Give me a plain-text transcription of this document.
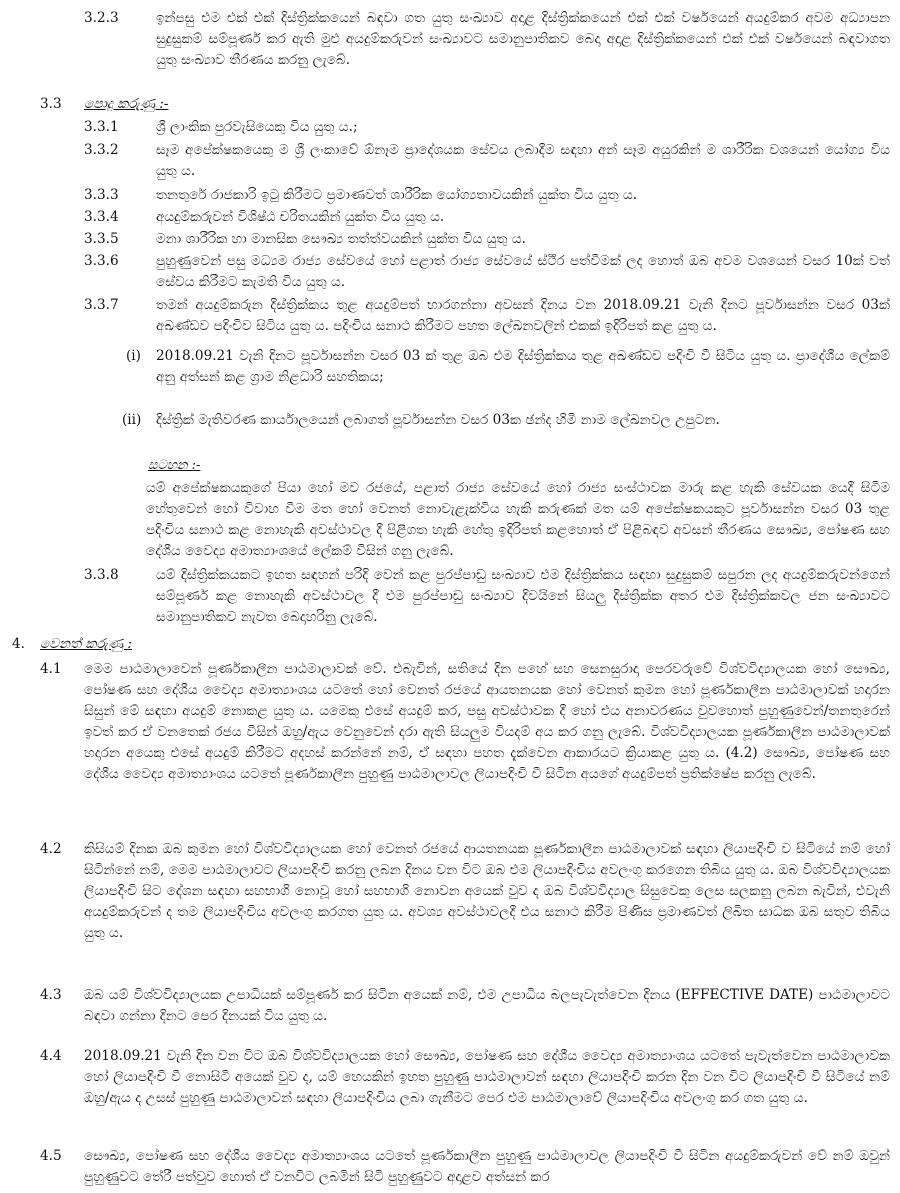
3.2.3	ඉන්පසු එම එක් එක් දිස්ත්‍රික්කයෙන් බඳවා ගත යුතු සංඛ්‍යාව අදාළ දිස්ත්‍රික්කයෙන් එක් එක් වර්ෂයෙන් අයදුම්කර අවම අධ්‍යාපන සුදුසුකම් සම්පූර්ණ කර ඇති මුළු අයදුම්කරුවන් සංඛ්‍යාවට සමානුපාතිකව බෙදා අදාළ දිස්ත්‍රික්කයෙන් එක් එක් වර්ෂයෙන් බඳවාගත යුතු සංඛ්‍යාව තීරණය කරනු ලැබේ.
3.3	පොදු කරුණු :-
3.3.1	ශ්‍රී ලාංකික පුරවැසියෙකු විය යුතු ය.;
3.3.2	සෑම අපේක්ෂකයෙකු ම ශ්‍රී ලංකාවේ ඕනෑම ප්‍රාදේශයක සේවය ලබාදීම සඳහා අන් සෑම අයුරකින් ම ශාරීරික වශයෙන් යෝග්‍ය විය යුතු ය.
3.3.3	තනතුරේ රාජකාරි ඉටු කිරීමට ප්‍රමාණවත් ශාරීරික යෝග්‍යතාවයකින් යුක්ත විය යුතු ය.
3.3.4	අයදුම්කරුවන් විශිෂ්ඨ චරිතයකින් යුක්ත විය යුතු ය.
3.3.5	මනා ශාරීරික හා මානසික සෞඛ්‍ය තත්ත්වයකින් යුක්ත විය යුතු ය.
3.3.6	පුහුණුවෙන් පසු මධ්‍යම රාජ්‍ය සේවයේ හෝ පළාත් රාජ්‍ය සේවයේ ස්ථිර පත්වීමක් ලද හොත් ඔබ අවම වශයෙන් වසර 10ක් වත් සේවය කිරීමට කැමති විය යුතු ය.
3.3.7	තමන් අයදුම්කරුන දිස්ත්‍රික්කය තුළ අයදුම්පත් භාරගන්නා අවසන් දිනය වන 2018.09.21 වැනි දිනට පූර්වාසන්න වසර 03ක් අඛණ්ඩව පදිංචිව සිටිය යුතු ය. පදිංචිය සනාථ කිරීමට පහත ලේඛනවලින් එකක් ඉදිරිපත් කළ යුතු ය.
(i)	2018.09.21 වැනි දිනට පූර්වාසන්න වසර 03 ක් තුළ ඔබ එම දිස්ත්‍රික්කය තුළ අඛණ්ඩව පදිංචි වී සිටිය යුතු ය. ප්‍රාදේශීය ලේකම් අනු අත්සන් කළ ග්‍රාම නිළධාරි සහතිකය;
(ii)	දිස්ත්‍රික් මැතිවරණ කාර්යාලයෙන් ලබාගත් පූර්වාසන්න වසර 03ක ඡන්ද හිමි නාම ලේඛනවල උපුටන.
සටහන :-
යම් අපේක්ෂකයකුගේ පියා හෝ මව රජයේ, පළාත් රාජ්‍ය සේවයේ හෝ රාජ්‍ය සංස්ථාවක මාරු කළ හැකි සේවයක යෙදී සිටීම හේතුවෙන් හෝ විවාහ වීම මත හෝ වෙනත් නොවැළැක්විය හැකි කරුණක් මත යම් අපේක්ෂකයකුට පූර්වාසන්න වසර 03 තුළ පදිංචිය සනාථ කළ නොහැකි අවස්ථාවල දී පිළිගත හැකි හේතු ඉදිරිපත් කළහොත් ඒ පිළිබඳව අවසන් තීරණය සෞඛ්‍ය, පෝෂණ සහ දේශීය වෛද්‍ය අමාත්‍යාංශයේ ලේකම් විසින් ගනු ලැබේ.
3.3.8	යම් දිස්ත්‍රික්කයකට ඉහත සඳහන් පරිදි වෙන් කළ පුරප්පාඩු සංඛ්‍යාව එම දිස්ත්‍රික්කය සඳහා සුදුසුකම් සපුරන ලද අයදුම්කරුවන්ගෙන් සම්පූර්ණ කළ නොහැකි අවස්ථාවල දී එම පුරප්පාඩු සංඛ්‍යාව දිවයිනේ සියලු දිස්ත්‍රික්ක අතර එම දිස්ත්‍රික්කවල ජන සංඛ්‍යාවට සමානුපාතිකව නැවත බෙදාහරිනු ලැබේ.
4.	වෙනත් කරුණු :
4.1	මෙම පාඨමාලාවෙන් පූර්ණකාලීන පාඨමාලාවක් වේ. එබැවින්, සතියේ දින පහේ සහ සෙනසුරාදා පෙරවරුවේ විශ්වවිද්‍යාලයක හෝ සෞඛ්‍ය, පෝෂණ සහ දේශීය වෛද්‍ය අමාත්‍යාංශය යටතේ හෝ වෙනත් රජයේ ආයතනයක හෝ වෙනත් කුමන හෝ පූර්ණකාලීන පාඨමාලාවක් හදාරන සිසුන් මේ සඳහා අයදුම් නොකළ යුතු ය. යමෙකු එසේ අයදුම් කර, පසු අවස්ථාවක දී හෝ එය අනාවරණය වුවහොත් පුහුණුවෙන්/තනතුරෙන් ඉවත් කර ඒ වනතෙක් රජය විසින් ඔහු/ඇය වෙනුවෙන් දරා ඇති සියලුම වියදම් අය කර ගනු ලැබේ. විශ්වවිද්‍යාලයක පූර්ණකාලීන පාඨමාලාවක් හදාරන අයෙකු එසේ අයදුම් කිරීමට අදහස් කරන්නේ නම්, ඒ සඳහා පහත දැක්වෙන ආකාරයට ක්‍රියාකළ යුතු ය. (4.2) සෞඛ්‍ය, පෝෂණ සහ දේශීය වෛද්‍ය අමාත්‍යාංශය යටතේ පූර්ණකාලීන පුහුණු පාඨමාලාවල ලියාපදිංචි වී සිටින අයගේ අයදුම්පත් ප්‍රතික්ෂේප කරනු ලැබේ.
4.2	කිසියම් දිනක ඔබ කුමන හෝ විශ්වවිද්‍යාලයක හෝ වෙනත් රජයේ ආයතනයක පූර්ණකාලීන පාඨමාලාවක් සඳහා ලියාපදිංචි ව සිටියේ නම් හෝ සිටින්නේ නම්, මෙම පාඨමාලාවට ලියාපදිංචි කරනු ලබන දිනය වන විට ඔබ එම ලියාපදිංචිය අවලංගු කරගෙන තිබිය යුතු ය. ඔබ විශ්වවිද්‍යාලයක ලියාපදිංචි සිට දේශන සඳහා සහභාගි නොවූ හෝ සහභාගි නොවන අයෙක් වුව ද ඔබ විශ්වවිද්‍යාල සිසුවෙකු ලෙස සලකනු ලබන බැවින්, එවැනි අයදුම්කරුවන් ද තම ලියාපදිංචිය අවලංගු කරගත යුතු ය. අවශ්‍ය අවස්ථාවලදී එය සනාථ කිරීම පිණිස ප්‍රමාණවත් ලිඛිත සාධක ඔබ සතුව තිබිය යුතු ය.
4.3	ඔබ යම් විශ්වවිද්‍යාලයක උපාධියක් සම්පූර්ණ කර සිටින අයෙක් නම්, එම උපාධිය බලපැවැත්වෙන දිනය (EFFECTIVE DATE) පාඨමාලාවට බඳවා ගන්නා දිනට පෙර දිනයක් විය යුතු ය.
4.4	2018.09.21 වැනි දින වන විට ඔබ විශ්වවිද්‍යාලයක හෝ සෞඛ්‍ය, පෝෂණ සහ දේශීය වෛද්‍ය අමාත්‍යාංශය යටතේ පැවැත්වෙන පාඨමාලාවක හෝ ලියාපදිංචි වී නොසිටි අයෙක් වුව ද, යම් හෙයකින් ඉහත පුහුණු පාඨමාලාවන් සඳහා ලියාපදිංචි කරන දින වන විට ලියාපදිංචි වී සිටියේ නම් ඔහු/ඇය ද උසස් පුහුණු පාඨමාලාවන් සඳහා ලියාපදිංචිය ලබා ගැනීමට පෙර එම පාඨමාලාවේ ලියාපදිංචිය අවලංගු කර ගත යුතු ය.
4.5	සෞඛ්‍ය, පෝෂණ සහ දේශීය වෛද්‍ය අමාත්‍යාංශය යටතේ පූර්ණකාලීන පුහුණු පාඨමාලාවල ලියාපදිංචි වී සිටින අයදුම්කරුවන් වේ නම් ඔවුන් පුහුණුවට තේරී පත්වුව හොත් ඒ වනවිට ලබමින් සිටි පුහුණුවට අදාළව අත්සන් කර
